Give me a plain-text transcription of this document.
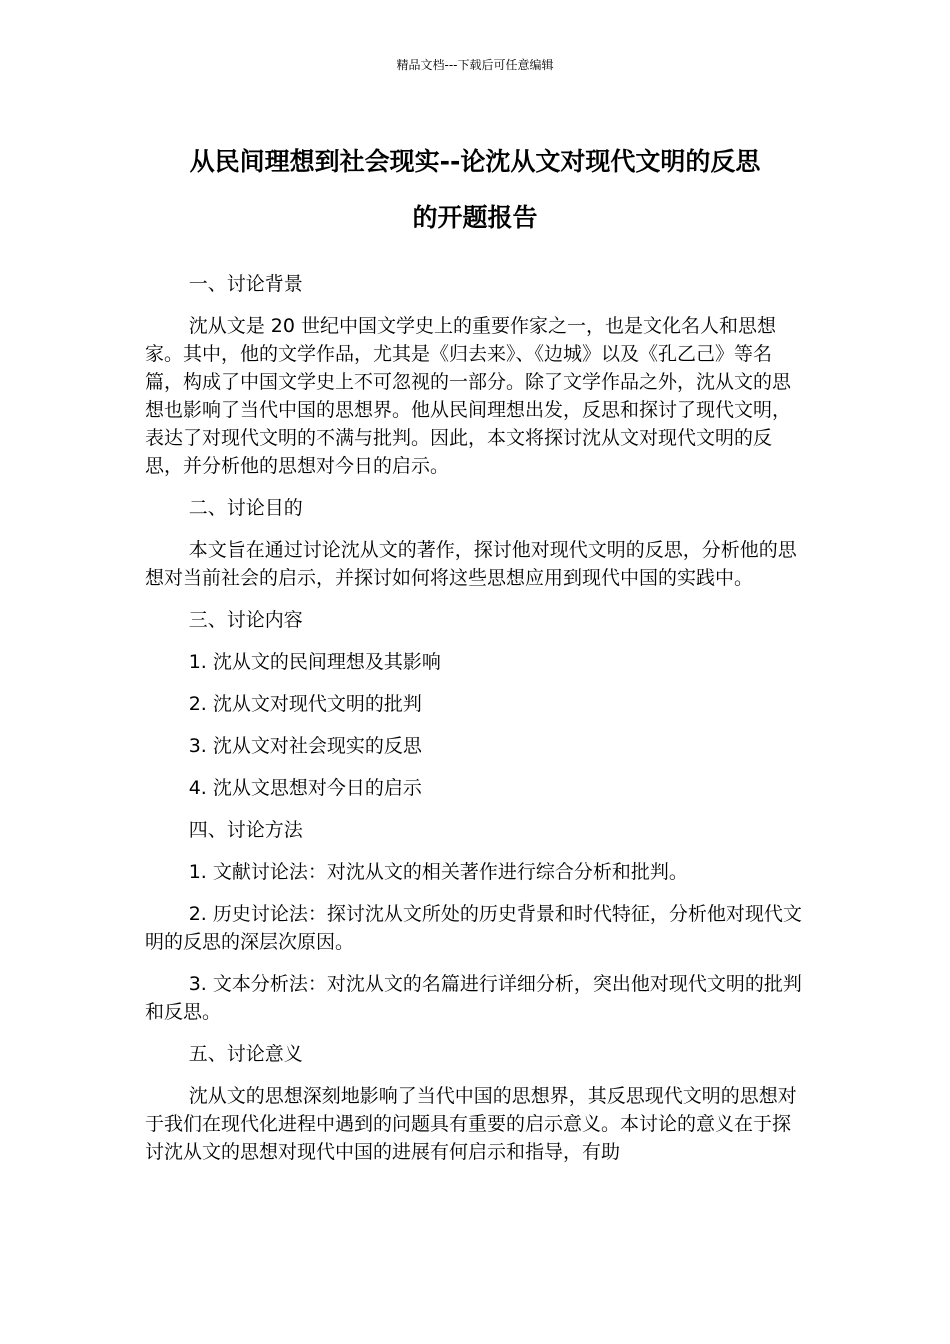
精品文档---下载后可任意编辑
从民间理想到社会现实--论沈从文对现代文明的反思
的开题报告

一、讨论背景

沈从文是 20 世纪中国文学史上的重要作家之一，也是文化名人和思想家。其中，他的文学作品，尤其是《归去来》、《边城》以及《孔乙己》等名篇，构成了中国文学史上不可忽视的一部分。除了文学作品之外，沈从文的思想也影响了当代中国的思想界。他从民间理想出发，反思和探讨了现代文明，表达了对现代文明的不满与批判。因此，本文将探讨沈从文对现代文明的反思，并分析他的思想对今日的启示。

二、讨论目的

本文旨在通过讨论沈从文的著作，探讨他对现代文明的反思，分析他的思想对当前社会的启示，并探讨如何将这些思想应用到现代中国的实践中。

三、讨论内容

1. 沈从文的民间理想及其影响

2. 沈从文对现代文明的批判

3. 沈从文对社会现实的反思

4. 沈从文思想对今日的启示

四、讨论方法

1. 文献讨论法：对沈从文的相关著作进行综合分析和批判。

2. 历史讨论法：探讨沈从文所处的历史背景和时代特征，分析他对现代文明的反思的深层次原因。

3. 文本分析法：对沈从文的名篇进行详细分析，突出他对现代文明的批判和反思。

五、讨论意义

沈从文的思想深刻地影响了当代中国的思想界，其反思现代文明的思想对于我们在现代化进程中遇到的问题具有重要的启示意义。本讨论的意义在于探讨沈从文的思想对现代中国的进展有何启示和指导，有助
